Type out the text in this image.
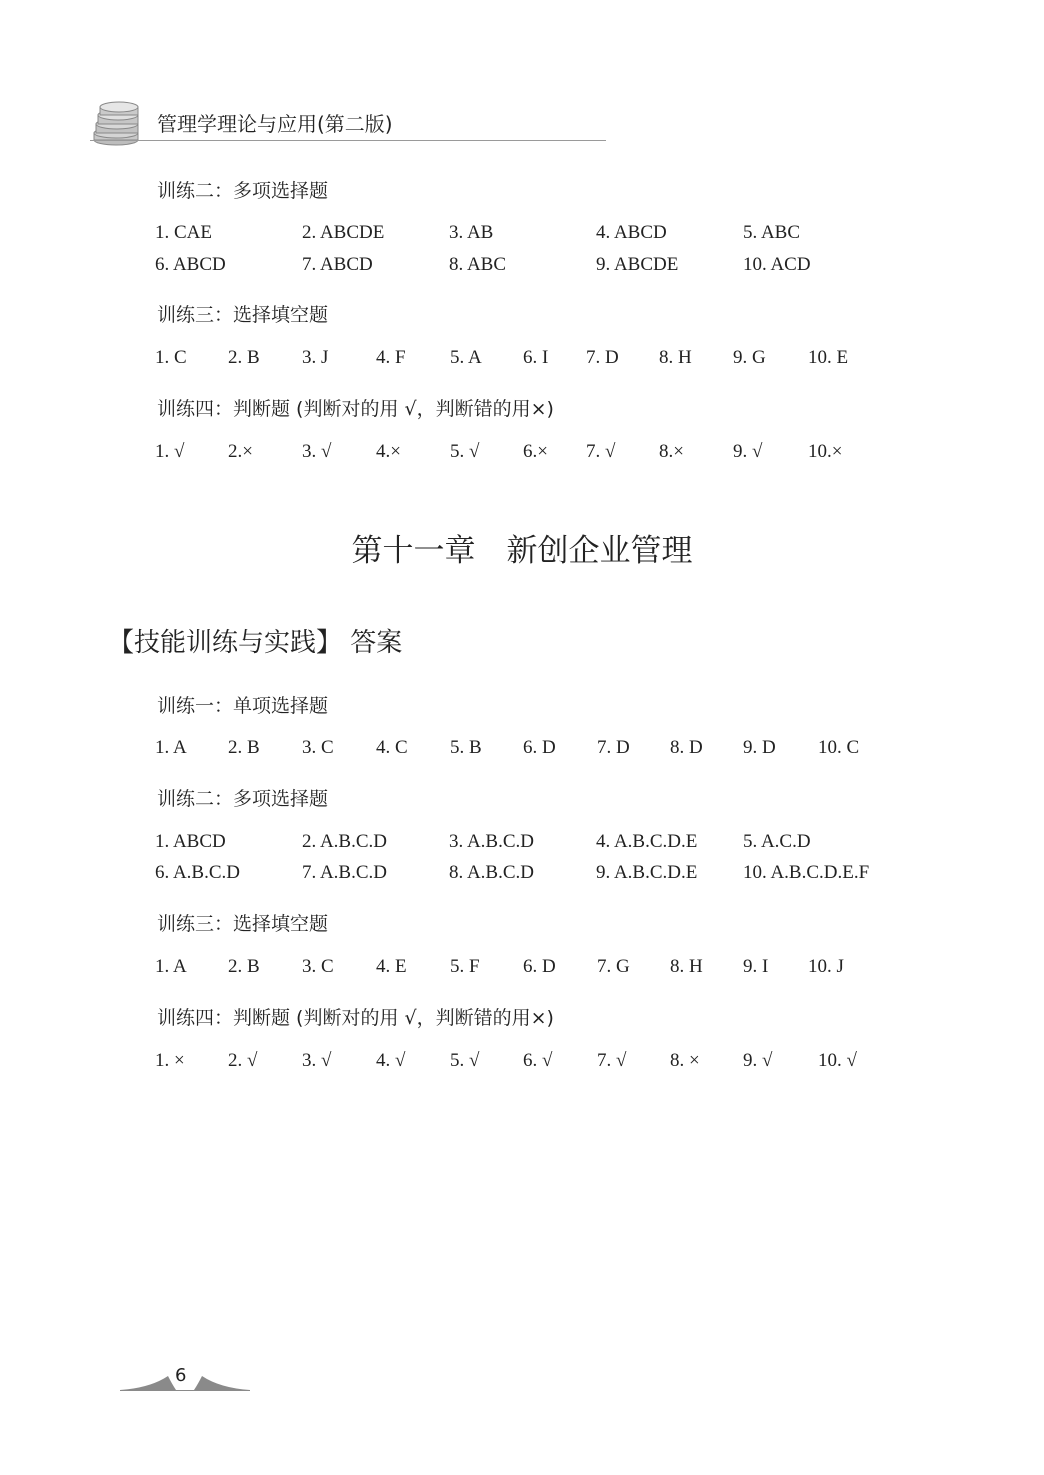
管理学理论与应用(第二版)
训练二：多项选择题
1. CAE	2. ABCDE	3. AB	4. ABCD	5. ABC
6. ABCD	7. ABCD	8. ABC	9. ABCDE	10. ACD
训练三：选择填空题
1. C 2. B 3. J	4. F 5. A 6. I 7. D 8. H 9. G 10. E
训练四：判断题 (判断对的用 √，判断错的用×)
1. √ 2.×	3. √ 4.×	5. √ 6.× 7. √ 8.×	9. √ 10.×
第十一章　新创企业管理
【技能训练与实践】 答案
训练一：单项选择题
1. A 2. B 3. C 4. C 5. B 6. D 7. D 8. D 9. D 10. C
训练二：多项选择题
1. ABCD	2. A.B.C.D	3. A.B.C.D	4. A.B.C.D.E 5. A.C.D
6. A.B.C.D	7. A.B.C.D	8. A.B.C.D	9. A.B.C.D.E 10. A.B.C.D.E.F
训练三：选择填空题
1. A 2. B 3. C 4. E 5. F 6. D 7. G 8. H 9. I 10. J
训练四：判断题 (判断对的用 √，判断错的用×)
1. × 2. √ 3. √ 4. √ 5. √ 6. √ 7. √ 8. × 9. √ 10. √
6
